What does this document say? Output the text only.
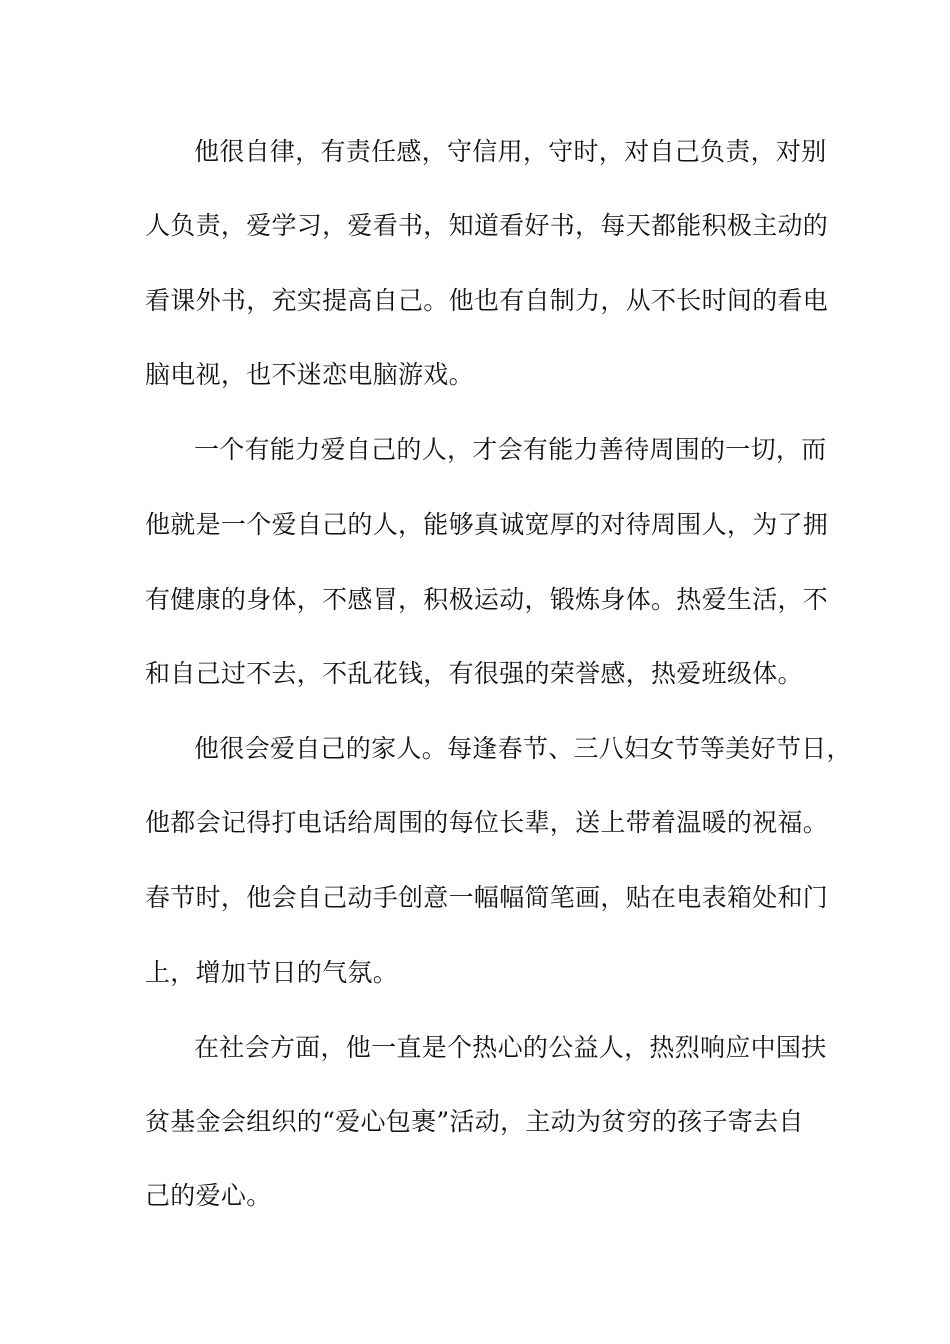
他很自律，有责任感，守信用，守时，对自己负责，对别
人负责，爱学习，爱看书，知道看好书，每天都能积极主动的
看课外书，充实提高自己。他也有自制力，从不长时间的看电
脑电视，也不迷恋电脑游戏。
一个有能力爱自己的人，才会有能力善待周围的一切，而
他就是一个爱自己的人，能够真诚宽厚的对待周围人，为了拥
有健康的身体，不感冒，积极运动，锻炼身体。热爱生活，不
和自己过不去，不乱花钱，有很强的荣誉感，热爱班级体。
他很会爱自己的家人。每逢春节、三八妇女节等美好节日，
他都会记得打电话给周围的每位长辈，送上带着温暖的祝福。
春节时，他会自己动手创意一幅幅简笔画，贴在电表箱处和门
上，增加节日的气氛。
在社会方面，他一直是个热心的公益人，热烈响应中国扶
贫基金会组织的“爱心包裹”活动，主动为贫穷的孩子寄去自
己的爱心。
